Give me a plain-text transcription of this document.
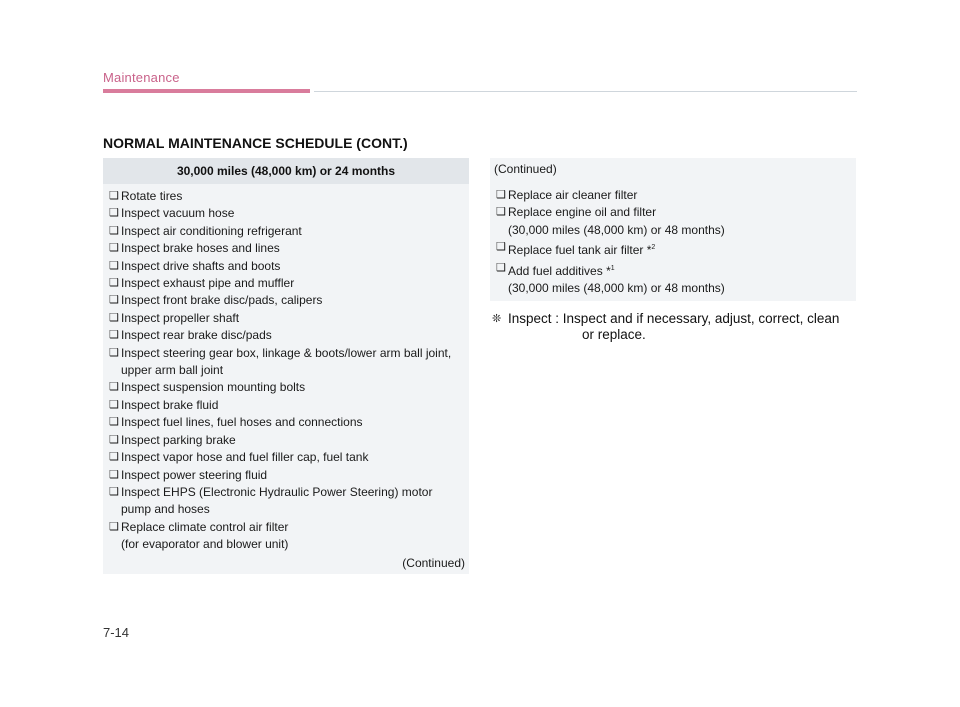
Maintenance
NORMAL MAINTENANCE SCHEDULE (CONT.)
30,000 miles (48,000 km) or 24 months
❑ Rotate tires
❑ Inspect vacuum hose
❑ Inspect air conditioning refrigerant
❑ Inspect brake hoses and lines
❑ Inspect drive shafts and boots
❑ Inspect exhaust pipe and muffler
❑ Inspect front brake disc/pads, calipers
❑ Inspect propeller shaft
❑ Inspect rear brake disc/pads
❑ Inspect steering gear box, linkage & boots/lower arm ball joint, upper arm ball joint
❑ Inspect suspension mounting bolts
❑ Inspect brake fluid
❑ Inspect fuel lines, fuel hoses and connections
❑ Inspect parking brake
❑ Inspect vapor hose and fuel filler cap, fuel tank
❑ Inspect power steering fluid
❑ Inspect EHPS (Electronic Hydraulic Power Steering) motor pump and hoses
❑ Replace climate control air filter
(for evaporator and blower unit)
(Continued)
(Continued)
❑ Replace air cleaner filter
❑ Replace engine oil and filter
(30,000 miles (48,000 km) or 48 months)
❑ Replace fuel tank air filter *$^2$
❑ Add fuel additives *$^1$
(30,000 miles (48,000 km) or 48 months)
❊ Inspect : Inspect and if necessary, adjust, correct, clean
or replace.
7-14
